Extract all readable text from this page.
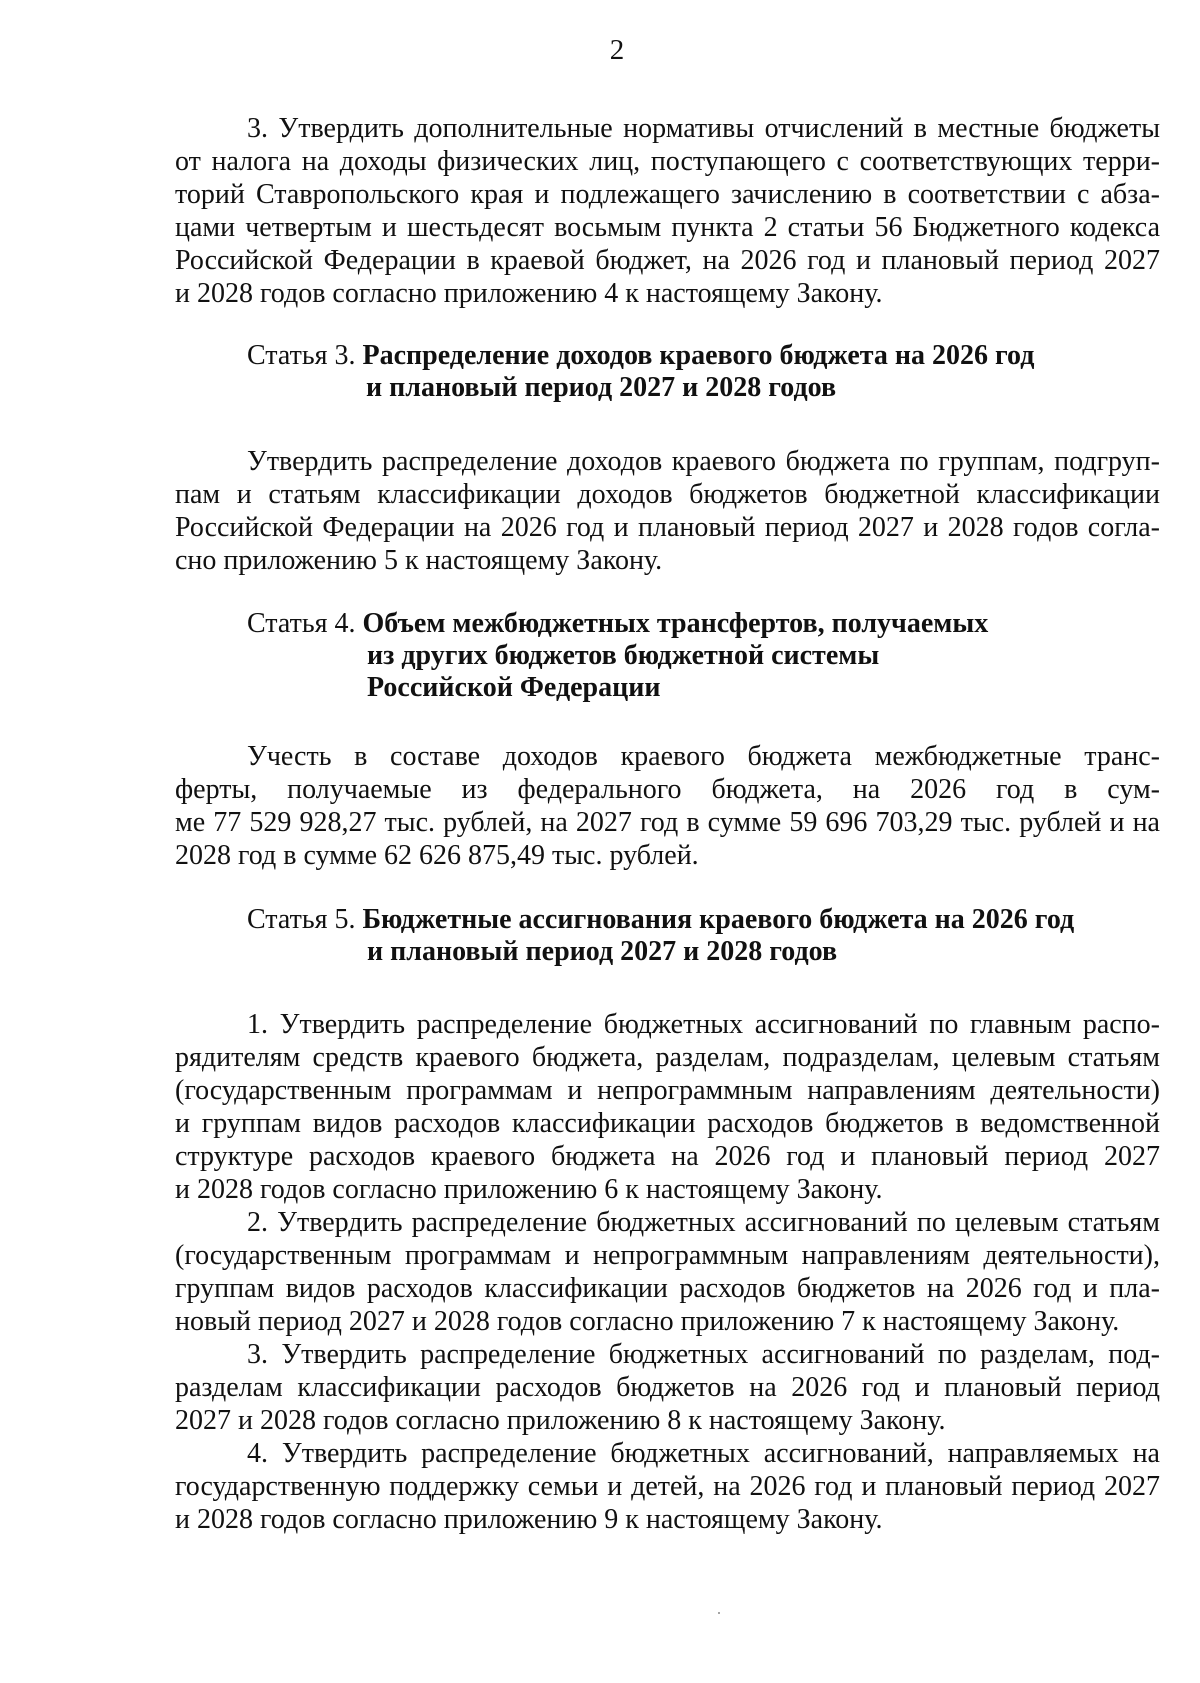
2
3. Утвердить дополнительные нормативы отчислений в местные бюджеты
от налога на доходы физических лиц, поступающего с соответствующих терри-
торий Ставропольского края и подлежащего зачислению в соответствии с абза-
цами четвертым и шестьдесят восьмым пункта 2 статьи 56 Бюджетного кодекса
Российской Федерации в краевой бюджет, на 2026 год и плановый период 2027
и 2028 годов согласно приложению 4 к настоящему Закону.
Статья 3. Распределение доходов краевого бюджета на 2026 год
и плановый период 2027 и 2028 годов
Утвердить распределение доходов краевого бюджета по группам, подгруп-
пам и статьям классификации доходов бюджетов бюджетной классификации
Российской Федерации на 2026 год и плановый период 2027 и 2028 годов согла-
сно приложению 5 к настоящему Закону.
Статья 4. Объем межбюджетных трансфертов, получаемых
из других бюджетов бюджетной системы
Российской Федерации
Учесть в составе доходов краевого бюджета межбюджетные транс-
ферты, получаемые из федерального бюджета, на 2026 год в сум-
ме 77 529 928,27 тыс. рублей, на 2027 год в сумме 59 696 703,29 тыс. рублей и на
2028 год в сумме 62 626 875,49 тыс. рублей.
Статья 5. Бюджетные ассигнования краевого бюджета на 2026 год
и плановый период 2027 и 2028 годов
1. Утвердить распределение бюджетных ассигнований по главным распо-
рядителям средств краевого бюджета, разделам, подразделам, целевым статьям
(государственным программам и непрограммным направлениям деятельности)
и группам видов расходов классификации расходов бюджетов в ведомственной
структуре расходов краевого бюджета на 2026 год и плановый период 2027
и 2028 годов согласно приложению 6 к настоящему Закону.
2. Утвердить распределение бюджетных ассигнований по целевым статьям
(государственным программам и непрограммным направлениям деятельности),
группам видов расходов классификации расходов бюджетов на 2026 год и пла-
новый период 2027 и 2028 годов согласно приложению 7 к настоящему Закону.
3. Утвердить распределение бюджетных ассигнований по разделам, под-
разделам классификации расходов бюджетов на 2026 год и плановый период
2027 и 2028 годов согласно приложению 8 к настоящему Закону.
4. Утвердить распределение бюджетных ассигнований, направляемых на
государственную поддержку семьи и детей, на 2026 год и плановый период 2027
и 2028 годов согласно приложению 9 к настоящему Закону.
